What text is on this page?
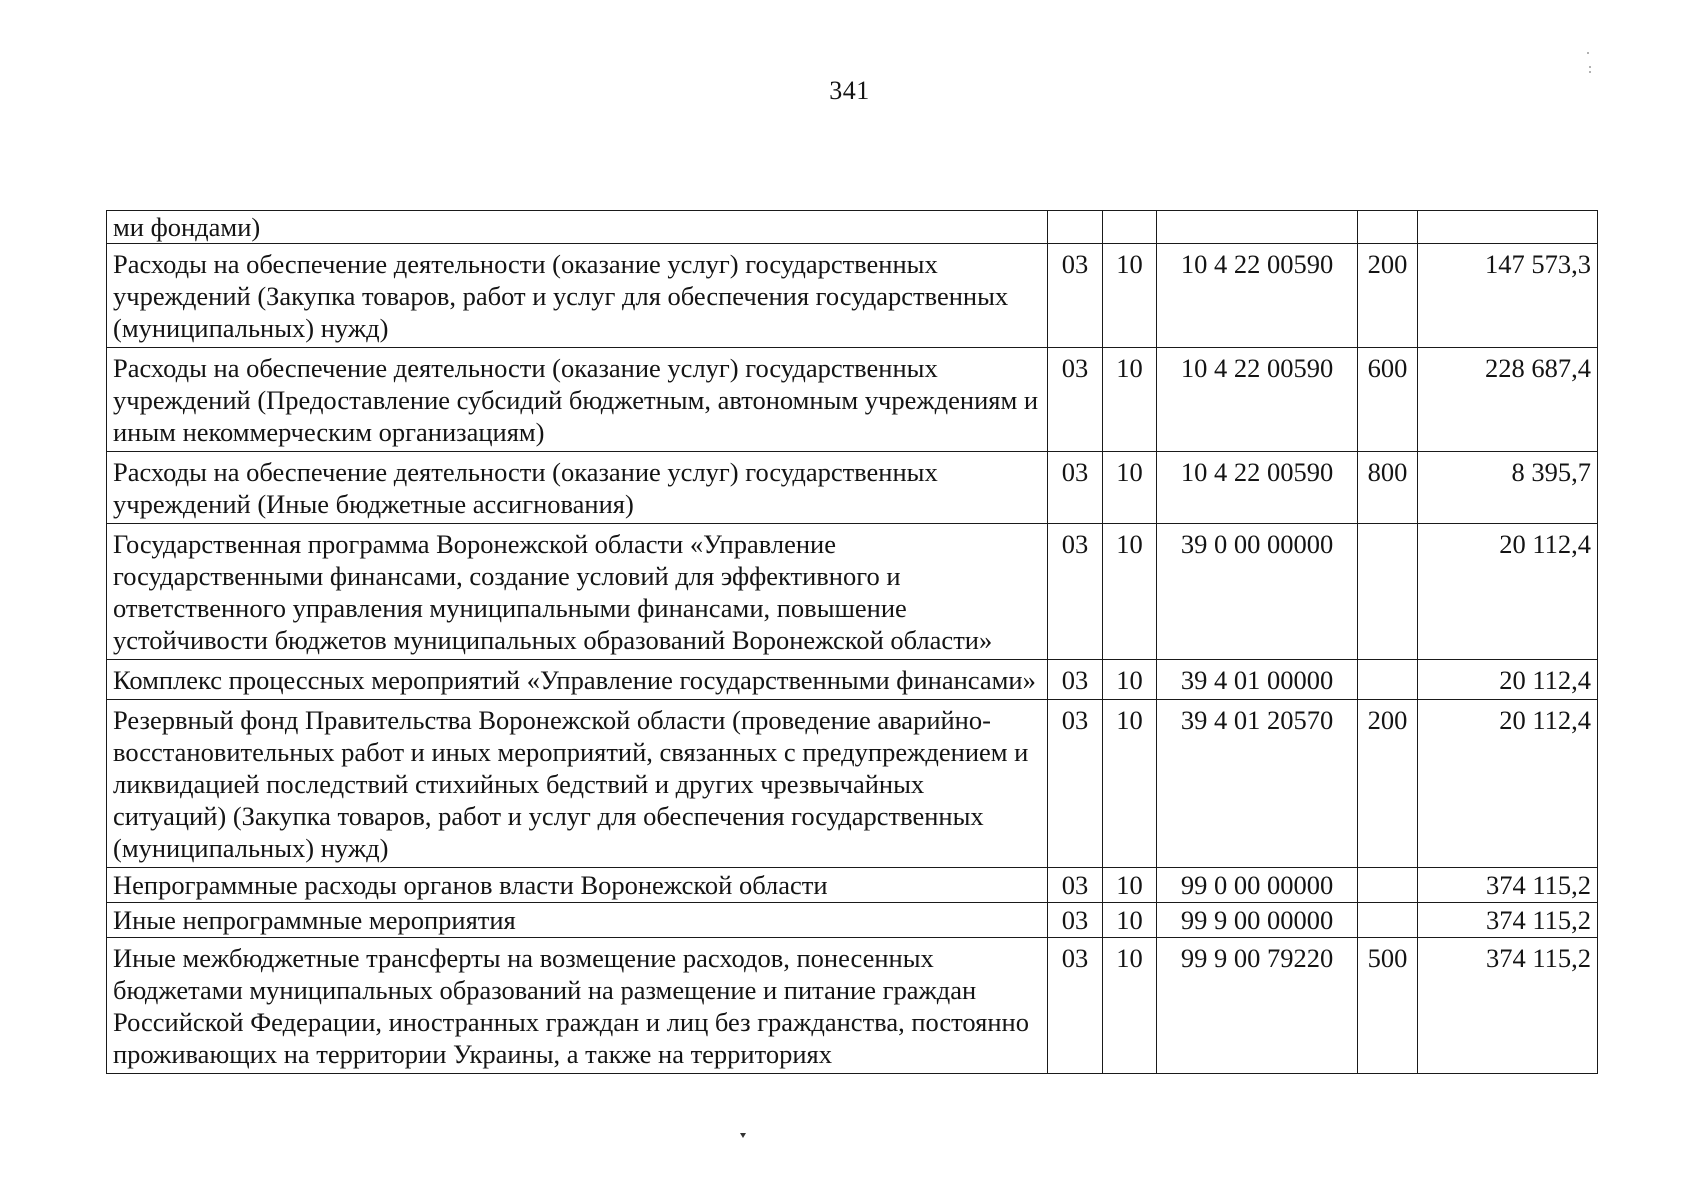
341
ми фондами)					
Расходы на обеспечение деятельности (оказание услуг) государственных учреждений (Закупка товаров, работ и услуг для обеспечения государственных (муниципальных) нужд)	03	10	10 4 22 00590	200	147 573,3
Расходы на обеспечение деятельности (оказание услуг) государственных учреждений (Предоставление субсидий бюджетным, автономным учреждениям и иным некоммерческим организациям)	03	10	10 4 22 00590	600	228 687,4
Расходы на обеспечение деятельности (оказание услуг) государственных учреждений (Иные бюджетные ассигнования)	03	10	10 4 22 00590	800	8 395,7
Государственная программа Воронежской области «Управление государственными финансами, создание условий для эффективного и ответственного управления муниципальными финансами, повышение устойчивости бюджетов муниципальных образований Воронежской области»	03	10	39 0 00 00000		20 112,4
Комплекс процессных мероприятий «Управление государственными финансами»	03	10	39 4 01 00000		20 112,4
Резервный фонд Правительства Воронежской области (проведение аварийно-восстановительных работ и иных мероприятий, связанных с предупреждением и ликвидацией последствий стихийных бедствий и других чрезвычайных ситуаций) (Закупка товаров, работ и услуг для обеспечения государственных (муниципальных) нужд)	03	10	39 4 01 20570	200	20 112,4
Непрограммные расходы органов власти Воронежской области	03	10	99 0 00 00000		374 115,2
Иные непрограммные мероприятия	03	10	99 9 00 00000		374 115,2
Иные межбюджетные трансферты на возмещение расходов, понесенных бюджетами муниципальных образований на размещение и питание граждан Российской Федерации, иностранных граждан и лиц без гражданства, постоянно проживающих на территории Украины, а также на территориях	03	10	99 9 00 79220	500	374 115,2
